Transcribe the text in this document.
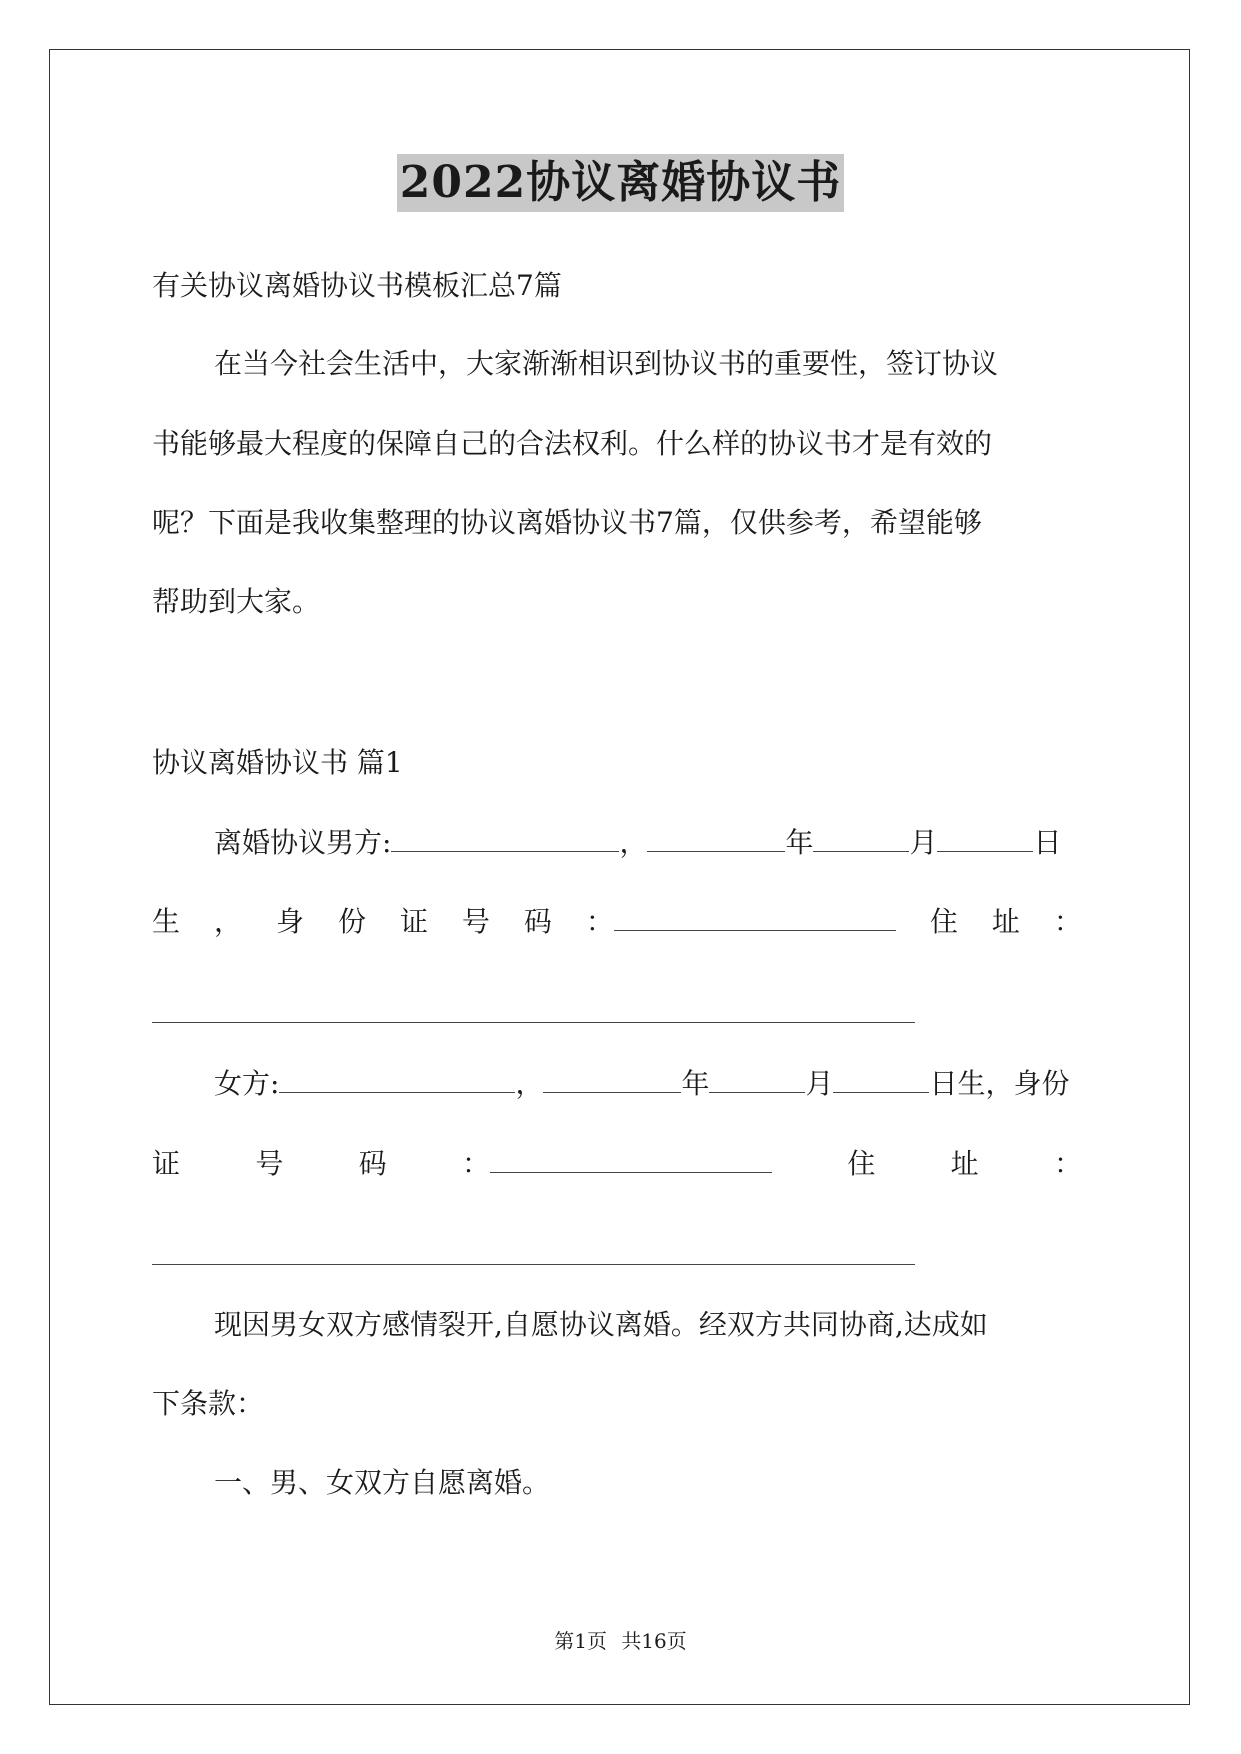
2022协议离婚协议书
有关协议离婚协议书模板汇总7篇
在当今社会生活中，大家渐渐相识到协议书的重要性，签订协议
书能够最大程度的保障自己的合法权利。什么样的协议书才是有效的
呢？下面是我收集整理的协议离婚协议书7篇，仅供参考，希望能够
帮助到大家。
协议离婚协议书 篇1
离婚协议男方:	，	年	月	日
生 ， 身 份 证 号 码 ：	住 址 ：
女方:	，	年	月	日生，身份
证	号	码	：	住	址	：
现因男女双方感情裂开,自愿协议离婚。经双方共同协商,达成如
下条款：
一、男、女双方自愿离婚。
第1页 共16页
